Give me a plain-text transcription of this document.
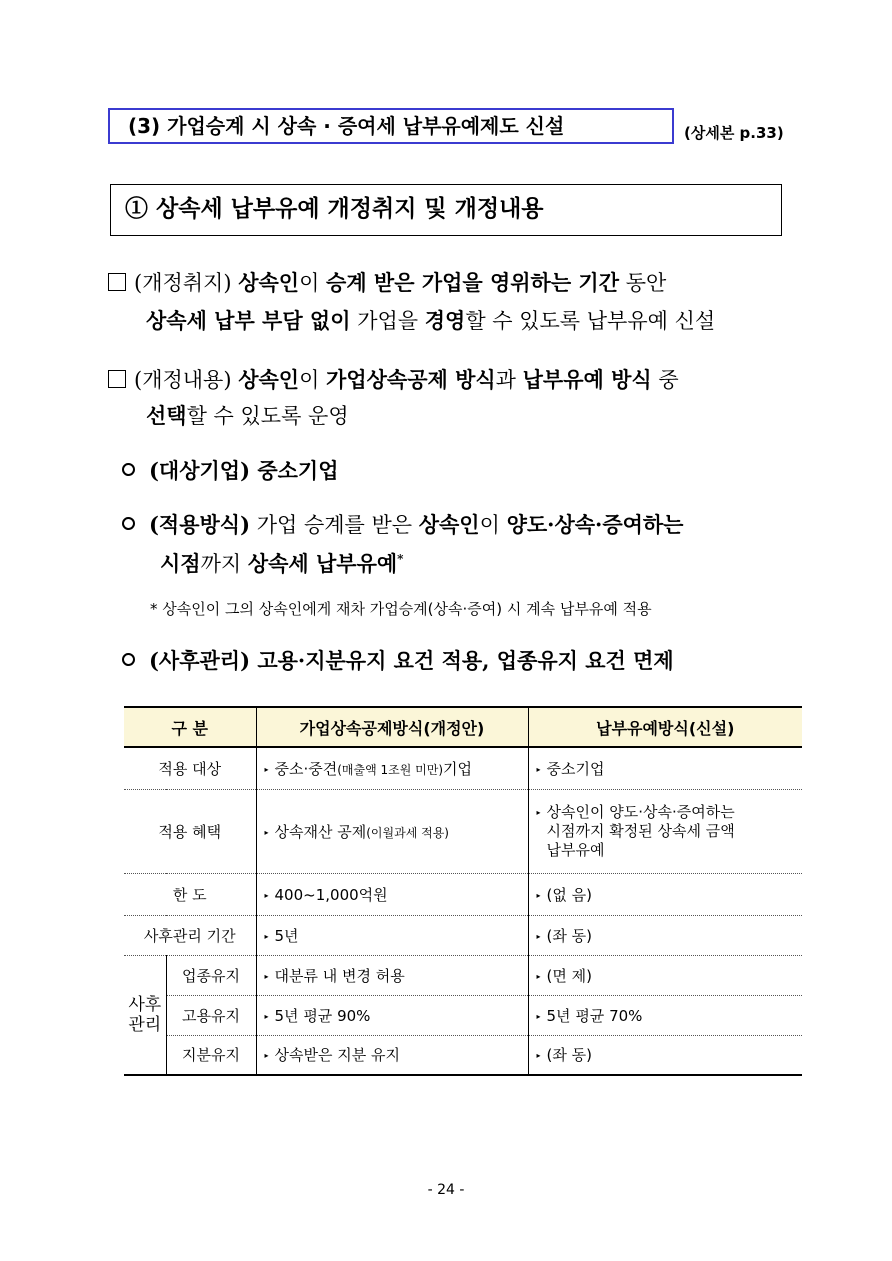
(3) 가업승계 시 상속 · 증여세 납부유예제도 신설	(상세본 p.33)
① 상속세 납부유예 개정취지 및 개정내용
(개정취지) 상속인이 승계 받은 가업을 영위하는 기간 동안
상속세 납부 부담 없이 가업을 경영할 수 있도록 납부유예 신설
(개정내용) 상속인이 가업상속공제 방식과 납부유예 방식 중
선택할 수 있도록 운영
(대상기업) 중소기업
(적용방식) 가업 승계를 받은 상속인이 양도·상속·증여하는
시점까지 상속세 납부유예*
* 상속인이 그의 상속인에게 재차 가업승계(상속·증여) 시 계속 납부유예 적용
(사후관리) 고용·지분유지 요건 적용, 업종유지 요건 면제
구 분		가업상속공제방식(개정안)	납부유예방식(신설)
적용 대상		▸ 중소·중견(매출액 1조원 미만)기업	▸ 중소기업
적용 혜택		▸ 상속재산 공제(이월과세 적용)	▸ 상속인이 양도·상속·증여하는
시점까지 확정된 상속세 금액
납부유예

한 도		▸ 400~1,000억원	▸ (없 음)
사후관리 기간		▸ 5년	▸ (좌 동)

사후
관리	업종유지	▸ 대분류 내 변경 허용	▸ (면 제)
	고용유지	▸ 5년 평균 90%	▸ 5년 평균 70%
	지분유지	▸ 상속받은 지분 유지	▸ (좌 동)
- 24 -
